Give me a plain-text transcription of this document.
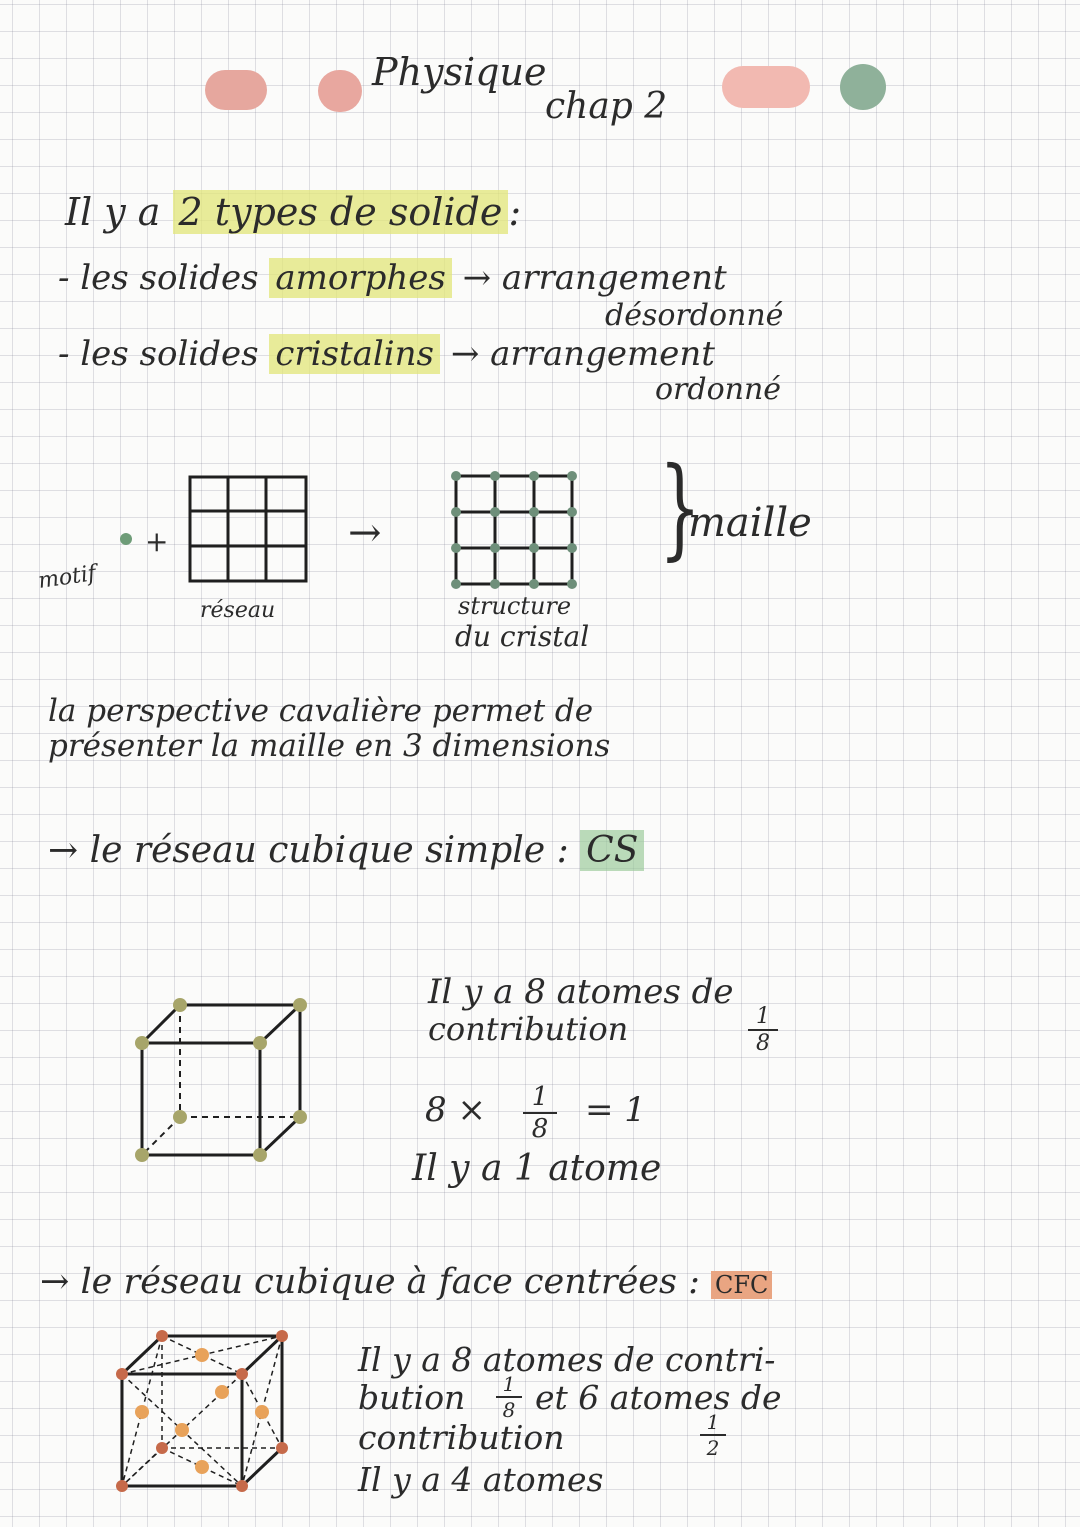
Physique
chap 2
Il y a 2 types de solide :
- les solides amorphes → arrangement
désordonné
- les solides cristalins → arrangement
ordonné
motif
+
réseau
→
structure
du cristal
}
maille
la perspective cavalière permet de
présenter la maille en 3 dimensions
→ le réseau cubique simple : CS
Il y a 8 atomes de
contribution	$\frac{1}{8}$
$8 \times \frac{1}{8} = 1$
Il y a 1 atome
→ le réseau cubique à face centrées : CFC
Il y a 8 atomes de contri-
bution $\frac{1}{8}$ et 6 atomes de
contribution	$\frac{1}{2}$
Il y a 4 atomes
